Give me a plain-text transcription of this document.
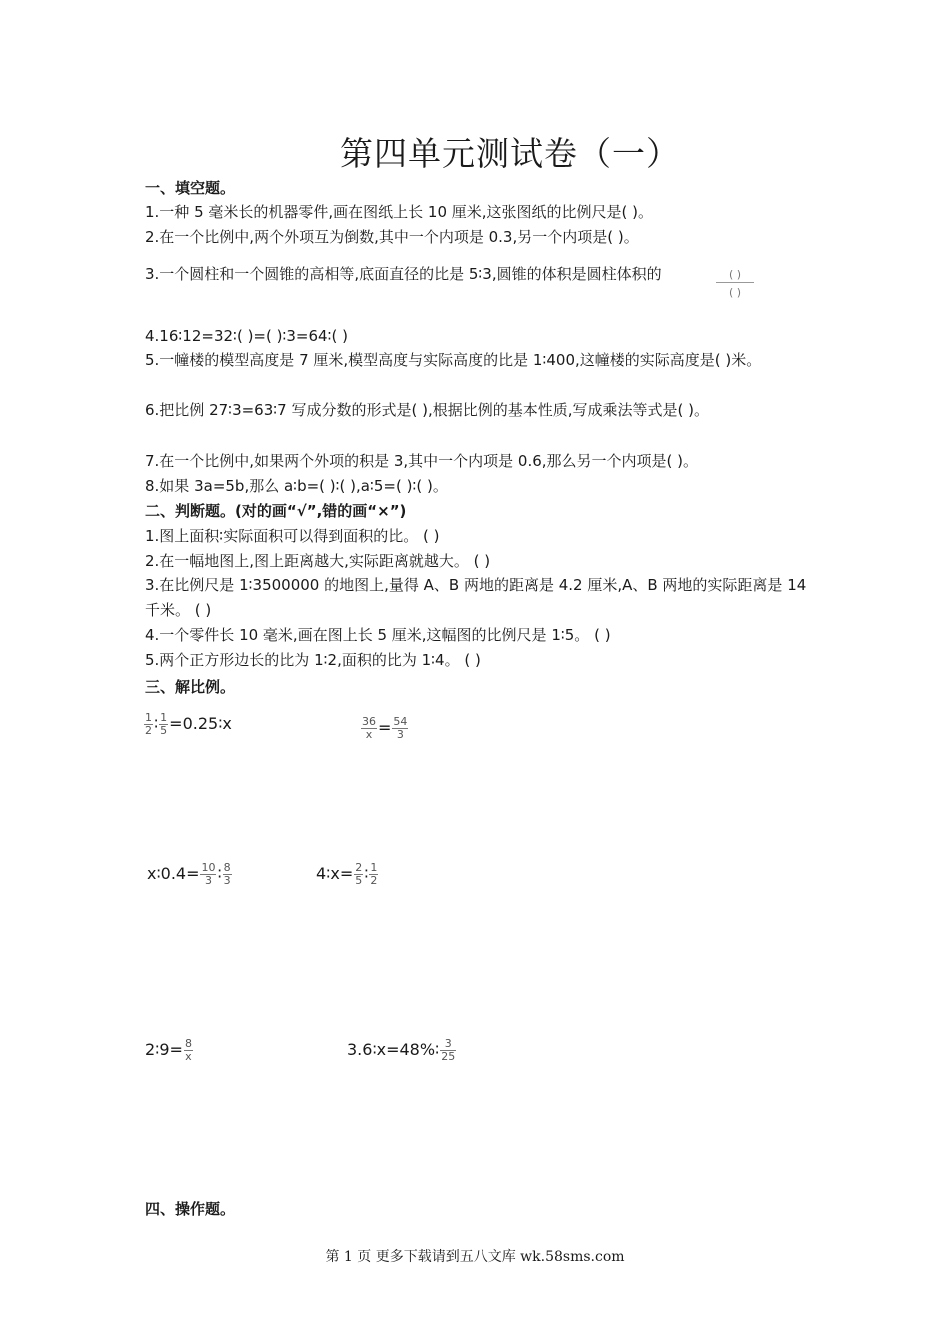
第四单元测试卷（一）
一、填空题。
1.一种 5 毫米长的机器零件,画在图纸上长 10 厘米,这张图纸的比例尺是( )。
2.在一个比例中,两个外项互为倒数,其中一个内项是 0.3,另一个内项是( )。
3.一个圆柱和一个圆锥的高相等,底面直径的比是 5∶3,圆锥的体积是圆柱体积的	( )
( )
4.16∶12=32∶( )=( )∶3=64∶( )
5.一幢楼的模型高度是 7 厘米,模型高度与实际高度的比是 1∶400,这幢楼的实际高度是( )米。
6.把比例 27∶3=63∶7 写成分数的形式是( ),根据比例的基本性质,写成乘法等式是( )。
7.在一个比例中,如果两个外项的积是 3,其中一个内项是 0.6,那么另一个内项是( )。
8.如果 3a=5b,那么 a∶b=( )∶( ),a∶5=( )∶( )。
二、判断题。(对的画“√”,错的画“×”)
1.图上面积∶实际面积可以得到面积的比。 ( )
2.在一幅地图上,图上距离越大,实际距离就越大。 ( )
3.在比例尺是 1∶3500000 的地图上,量得 A、B 两地的距离是 4.2 厘米,A、B 两地的实际距离是 14 千米。 ( )
4.一个零件长 10 毫米,画在图上长 5 厘米,这幅图的比例尺是 1∶5。 ( )
5.两个正方形边长的比为 1∶2,面积的比为 1∶4。 ( )
三、解比例。
$\frac{1}{2}$ ∶ $\frac{1}{5}$ =0.25∶x	$\frac{36}{x} = \frac{54}{3}$
x∶0.4= $\frac{10}{3}$ ∶ $\frac{8}{3}$	4∶x= $\frac{2}{5}$ ∶ $\frac{1}{2}$
2∶9= $\frac{8}{x}$	3.6∶x=48%∶ $\frac{3}{25}$
四、操作题。
第 1 页 更多下载请到五八文库 wk.58sms.com
